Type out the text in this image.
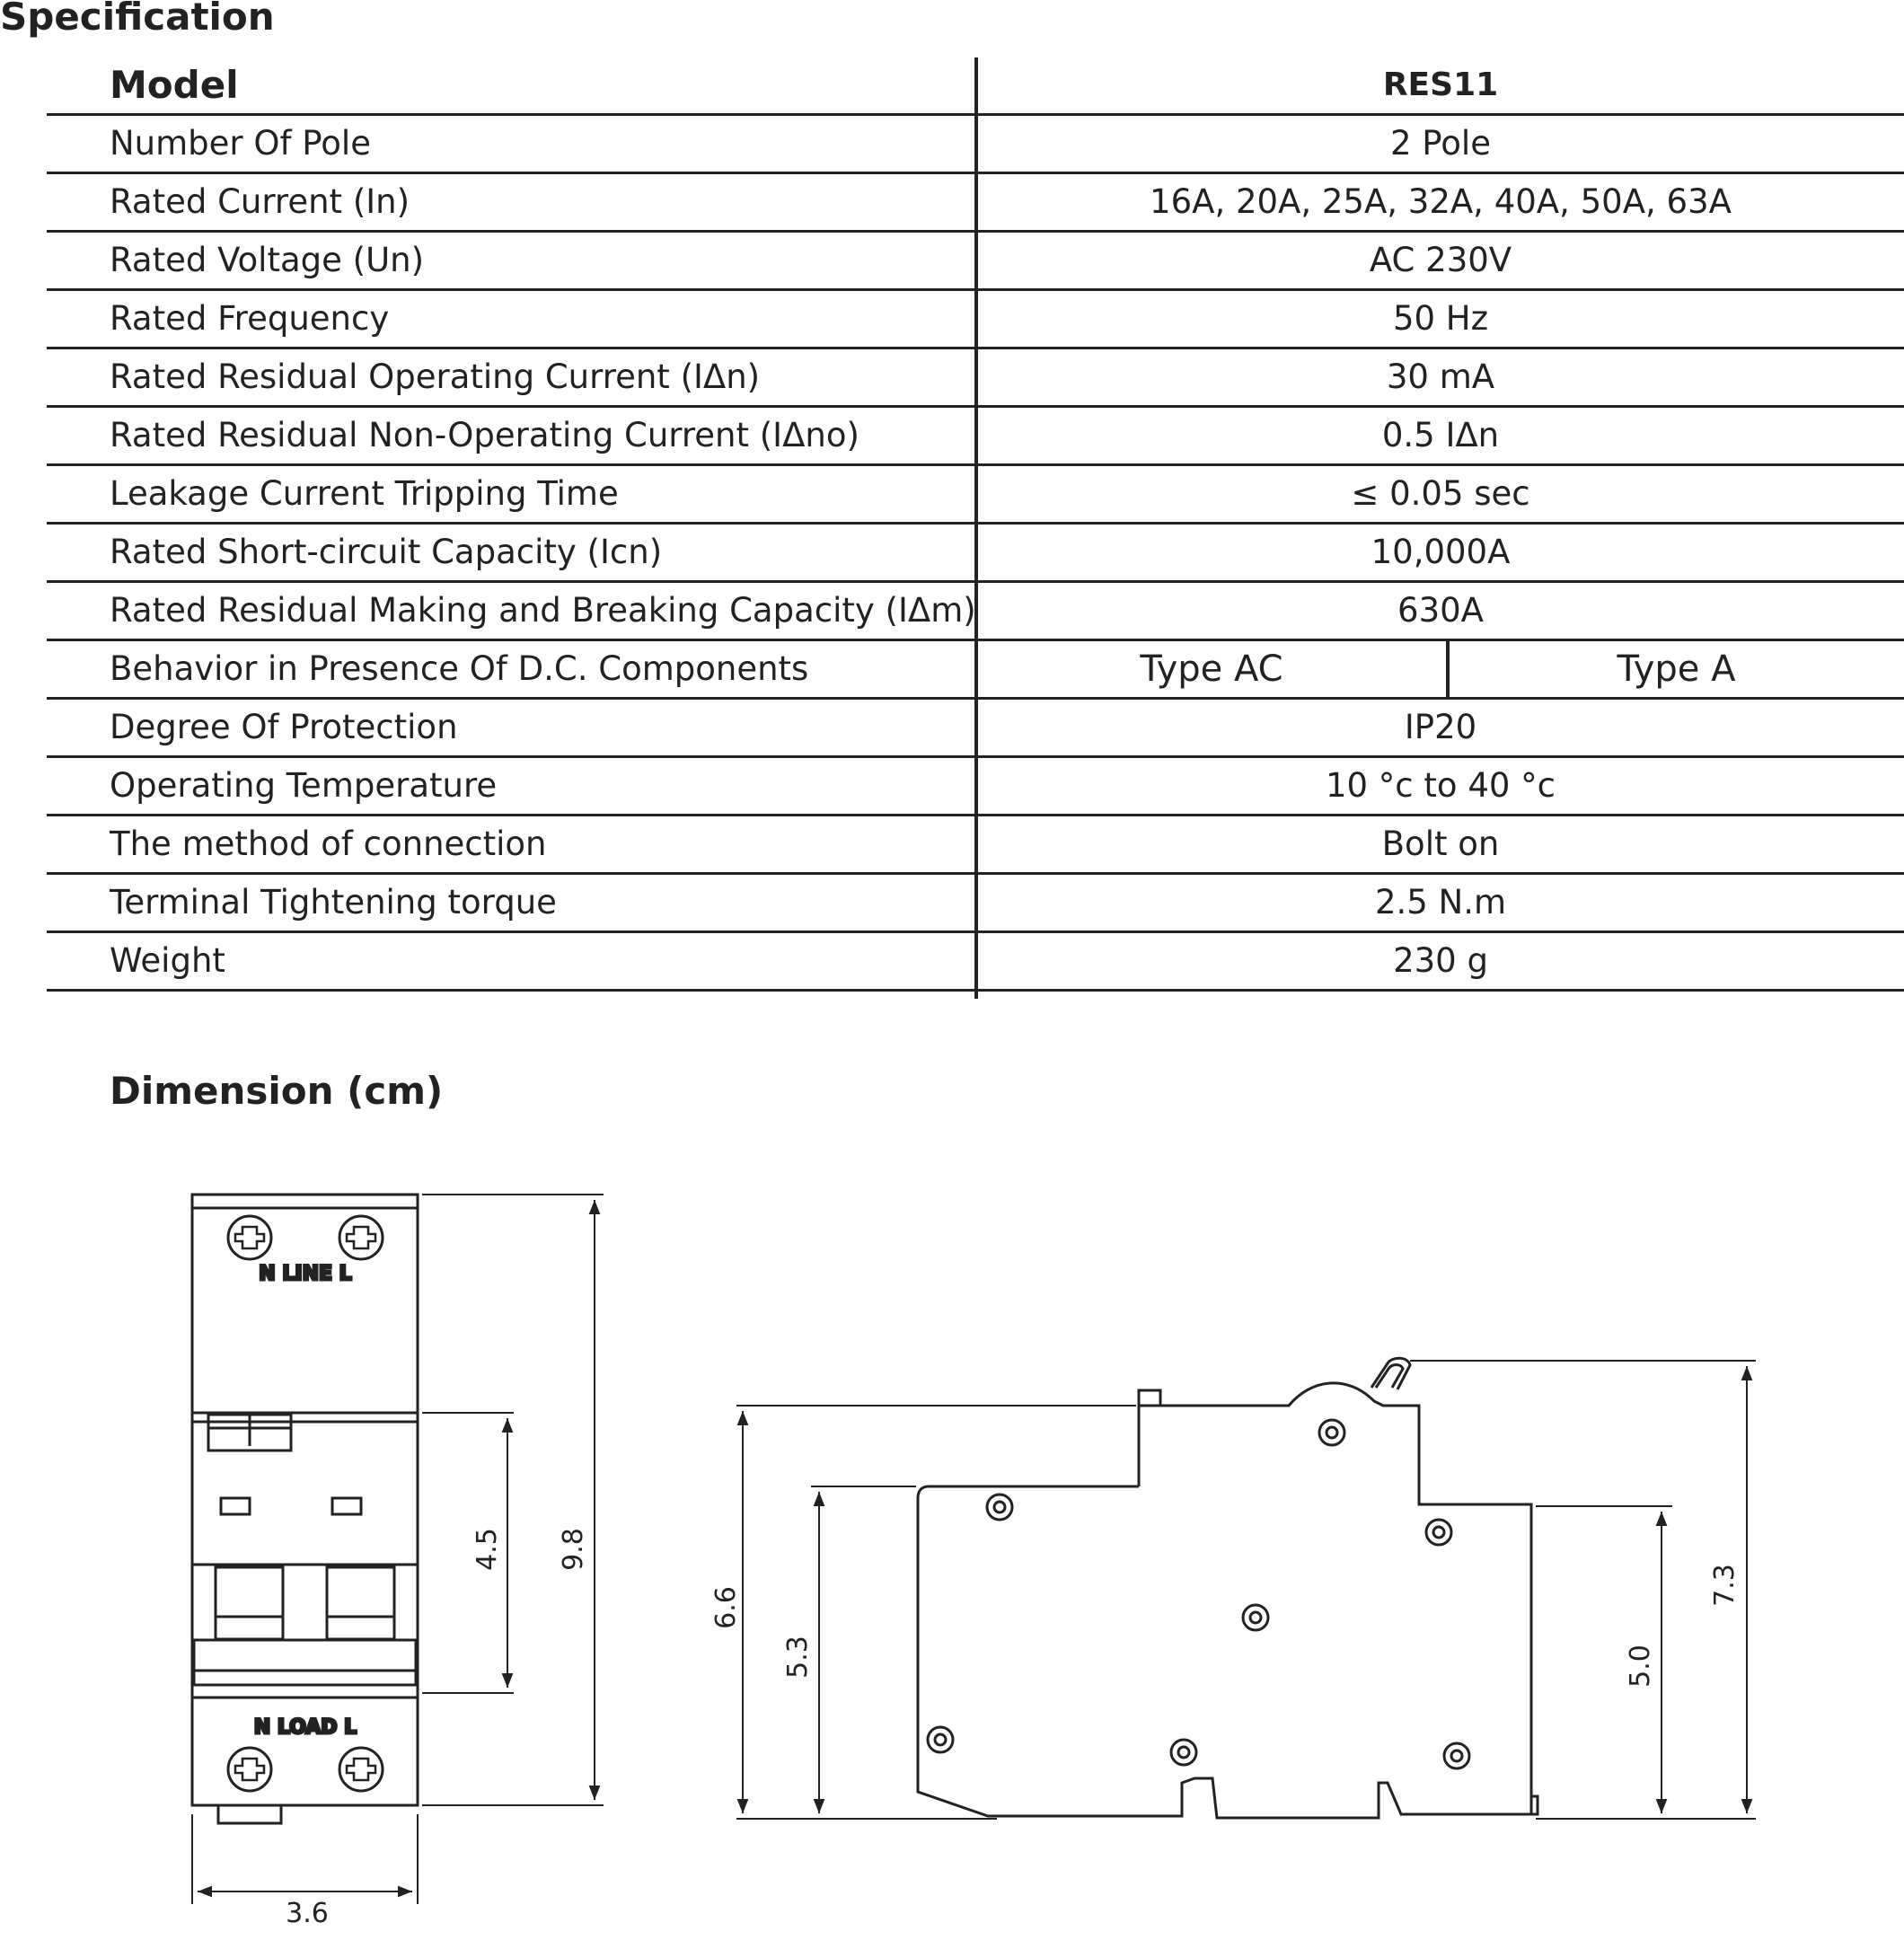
Specification
Model	RES11
Number Of Pole	2 Pole
Rated Current (In)	16A, 20A, 25A, 32A, 40A, 50A, 63A
Rated Voltage (Un)	AC 230V
Rated Frequency	50 Hz
Rated Residual Operating Current (IΔn)	30 mA
Rated Residual Non-Operating Current (IΔno)	0.5 IΔn
Leakage Current Tripping Time	≤ 0.05 sec
Rated Short-circuit Capacity (Icn)	10,000A
Rated Residual Making and Breaking Capacity (IΔm)	630A
Behavior in Presence Of D.C. Components	Type AC	Type A
Degree Of Protection	IP20
Operating Temperature	10 °c to 40 °c
The method of connection	Bolt on
Terminal Tightening torque	2.5 N.m
Weight	230 g
Dimension (cm)
N LINE L
N LOAD L
9.8
4.5
3.6
6.6
5.3	5.0
7.3
